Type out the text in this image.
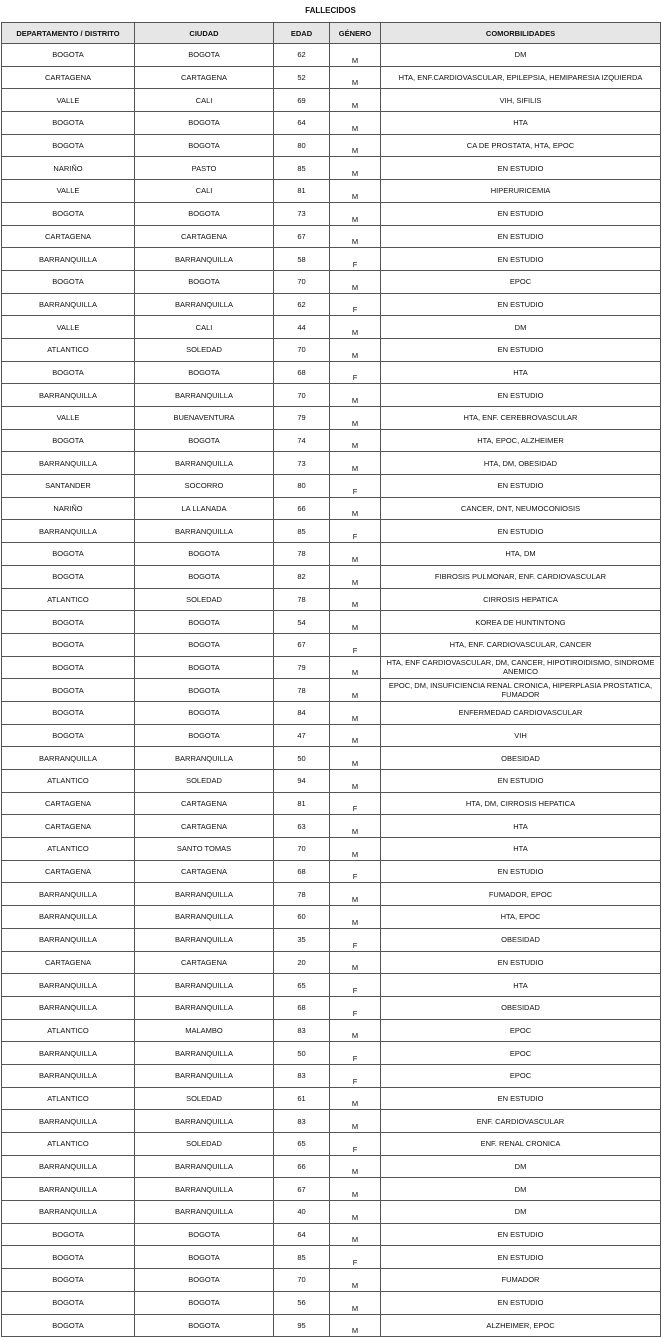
FALLECIDOS
DEPARTAMENTO / DISTRITO	CIUDAD	EDAD	GÉNERO	COMORBILIDADES
BOGOTA	BOGOTA	62	M	DM
CARTAGENA	CARTAGENA	52	M	HTA, ENF.CARDIOVASCULAR, EPILEPSIA, HEMIPARESIA IZQUIERDA
VALLE	CALI	69	M	VIH, SIFILIS
BOGOTA	BOGOTA	64	M	HTA
BOGOTA	BOGOTA	80	M	CA DE PROSTATA, HTA, EPOC
NARIÑO	PASTO	85	M	EN ESTUDIO
VALLE	CALI	81	M	HIPERURICEMIA
BOGOTA	BOGOTA	73	M	EN ESTUDIO
CARTAGENA	CARTAGENA	67	M	EN ESTUDIO
BARRANQUILLA	BARRANQUILLA	58	F	EN ESTUDIO
BOGOTA	BOGOTA	70	M	EPOC
BARRANQUILLA	BARRANQUILLA	62	F	EN ESTUDIO
VALLE	CALI	44	M	DM
ATLANTICO	SOLEDAD	70	M	EN ESTUDIO
BOGOTA	BOGOTA	68	F	HTA
BARRANQUILLA	BARRANQUILLA	70	M	EN ESTUDIO
VALLE	BUENAVENTURA	79	M	HTA, ENF. CEREBROVASCULAR
BOGOTA	BOGOTA	74	M	HTA, EPOC, ALZHEIMER
BARRANQUILLA	BARRANQUILLA	73	M	HTA, DM, OBESIDAD
SANTANDER	SOCORRO	80	F	EN ESTUDIO
NARIÑO	LA LLANADA	66	M	CANCER, DNT, NEUMOCONIOSIS
BARRANQUILLA	BARRANQUILLA	85	F	EN ESTUDIO
BOGOTA	BOGOTA	78	M	HTA, DM
BOGOTA	BOGOTA	82	M	FIBROSIS PULMONAR, ENF. CARDIOVASCULAR
ATLANTICO	SOLEDAD	78	M	CIRROSIS HEPATICA
BOGOTA	BOGOTA	54	M	KOREA DE HUNTINTONG
BOGOTA	BOGOTA	67	F	HTA, ENF. CARDIOVASCULAR, CANCER
BOGOTA	BOGOTA	79	M	HTA, ENF CARDIOVASCULAR, DM, CANCER, HIPOTIROIDISMO, SINDROME ANEMICO
BOGOTA	BOGOTA	78	M	EPOC, DM, INSUFICIENCIA RENAL CRONICA, HIPERPLASIA PROSTATICA, FUMADOR
BOGOTA	BOGOTA	84	M	ENFERMEDAD CARDIOVASCULAR
BOGOTA	BOGOTA	47	M	VIH
BARRANQUILLA	BARRANQUILLA	50	M	OBESIDAD
ATLANTICO	SOLEDAD	94	M	EN ESTUDIO
CARTAGENA	CARTAGENA	81	F	HTA, DM, CIRROSIS HEPATICA
CARTAGENA	CARTAGENA	63	M	HTA
ATLANTICO	SANTO TOMAS	70	M	HTA
CARTAGENA	CARTAGENA	68	F	EN ESTUDIO
BARRANQUILLA	BARRANQUILLA	78	M	FUMADOR, EPOC
BARRANQUILLA	BARRANQUILLA	60	M	HTA, EPOC
BARRANQUILLA	BARRANQUILLA	35	F	OBESIDAD
CARTAGENA	CARTAGENA	20	M	EN ESTUDIO
BARRANQUILLA	BARRANQUILLA	65	F	HTA
BARRANQUILLA	BARRANQUILLA	68	F	OBESIDAD
ATLANTICO	MALAMBO	83	M	EPOC
BARRANQUILLA	BARRANQUILLA	50	F	EPOC
BARRANQUILLA	BARRANQUILLA	83	F	EPOC
ATLANTICO	SOLEDAD	61	M	EN ESTUDIO
BARRANQUILLA	BARRANQUILLA	83	M	ENF. CARDIOVASCULAR
ATLANTICO	SOLEDAD	65	F	ENF. RENAL CRONICA
BARRANQUILLA	BARRANQUILLA	66	M	DM
BARRANQUILLA	BARRANQUILLA	67	M	DM
BARRANQUILLA	BARRANQUILLA	40	M	DM
BOGOTA	BOGOTA	64	M	EN ESTUDIO
BOGOTA	BOGOTA	85	F	EN ESTUDIO
BOGOTA	BOGOTA	70	M	FUMADOR
BOGOTA	BOGOTA	56	M	EN ESTUDIO
BOGOTA	BOGOTA	95	M	ALZHEIMER, EPOC
